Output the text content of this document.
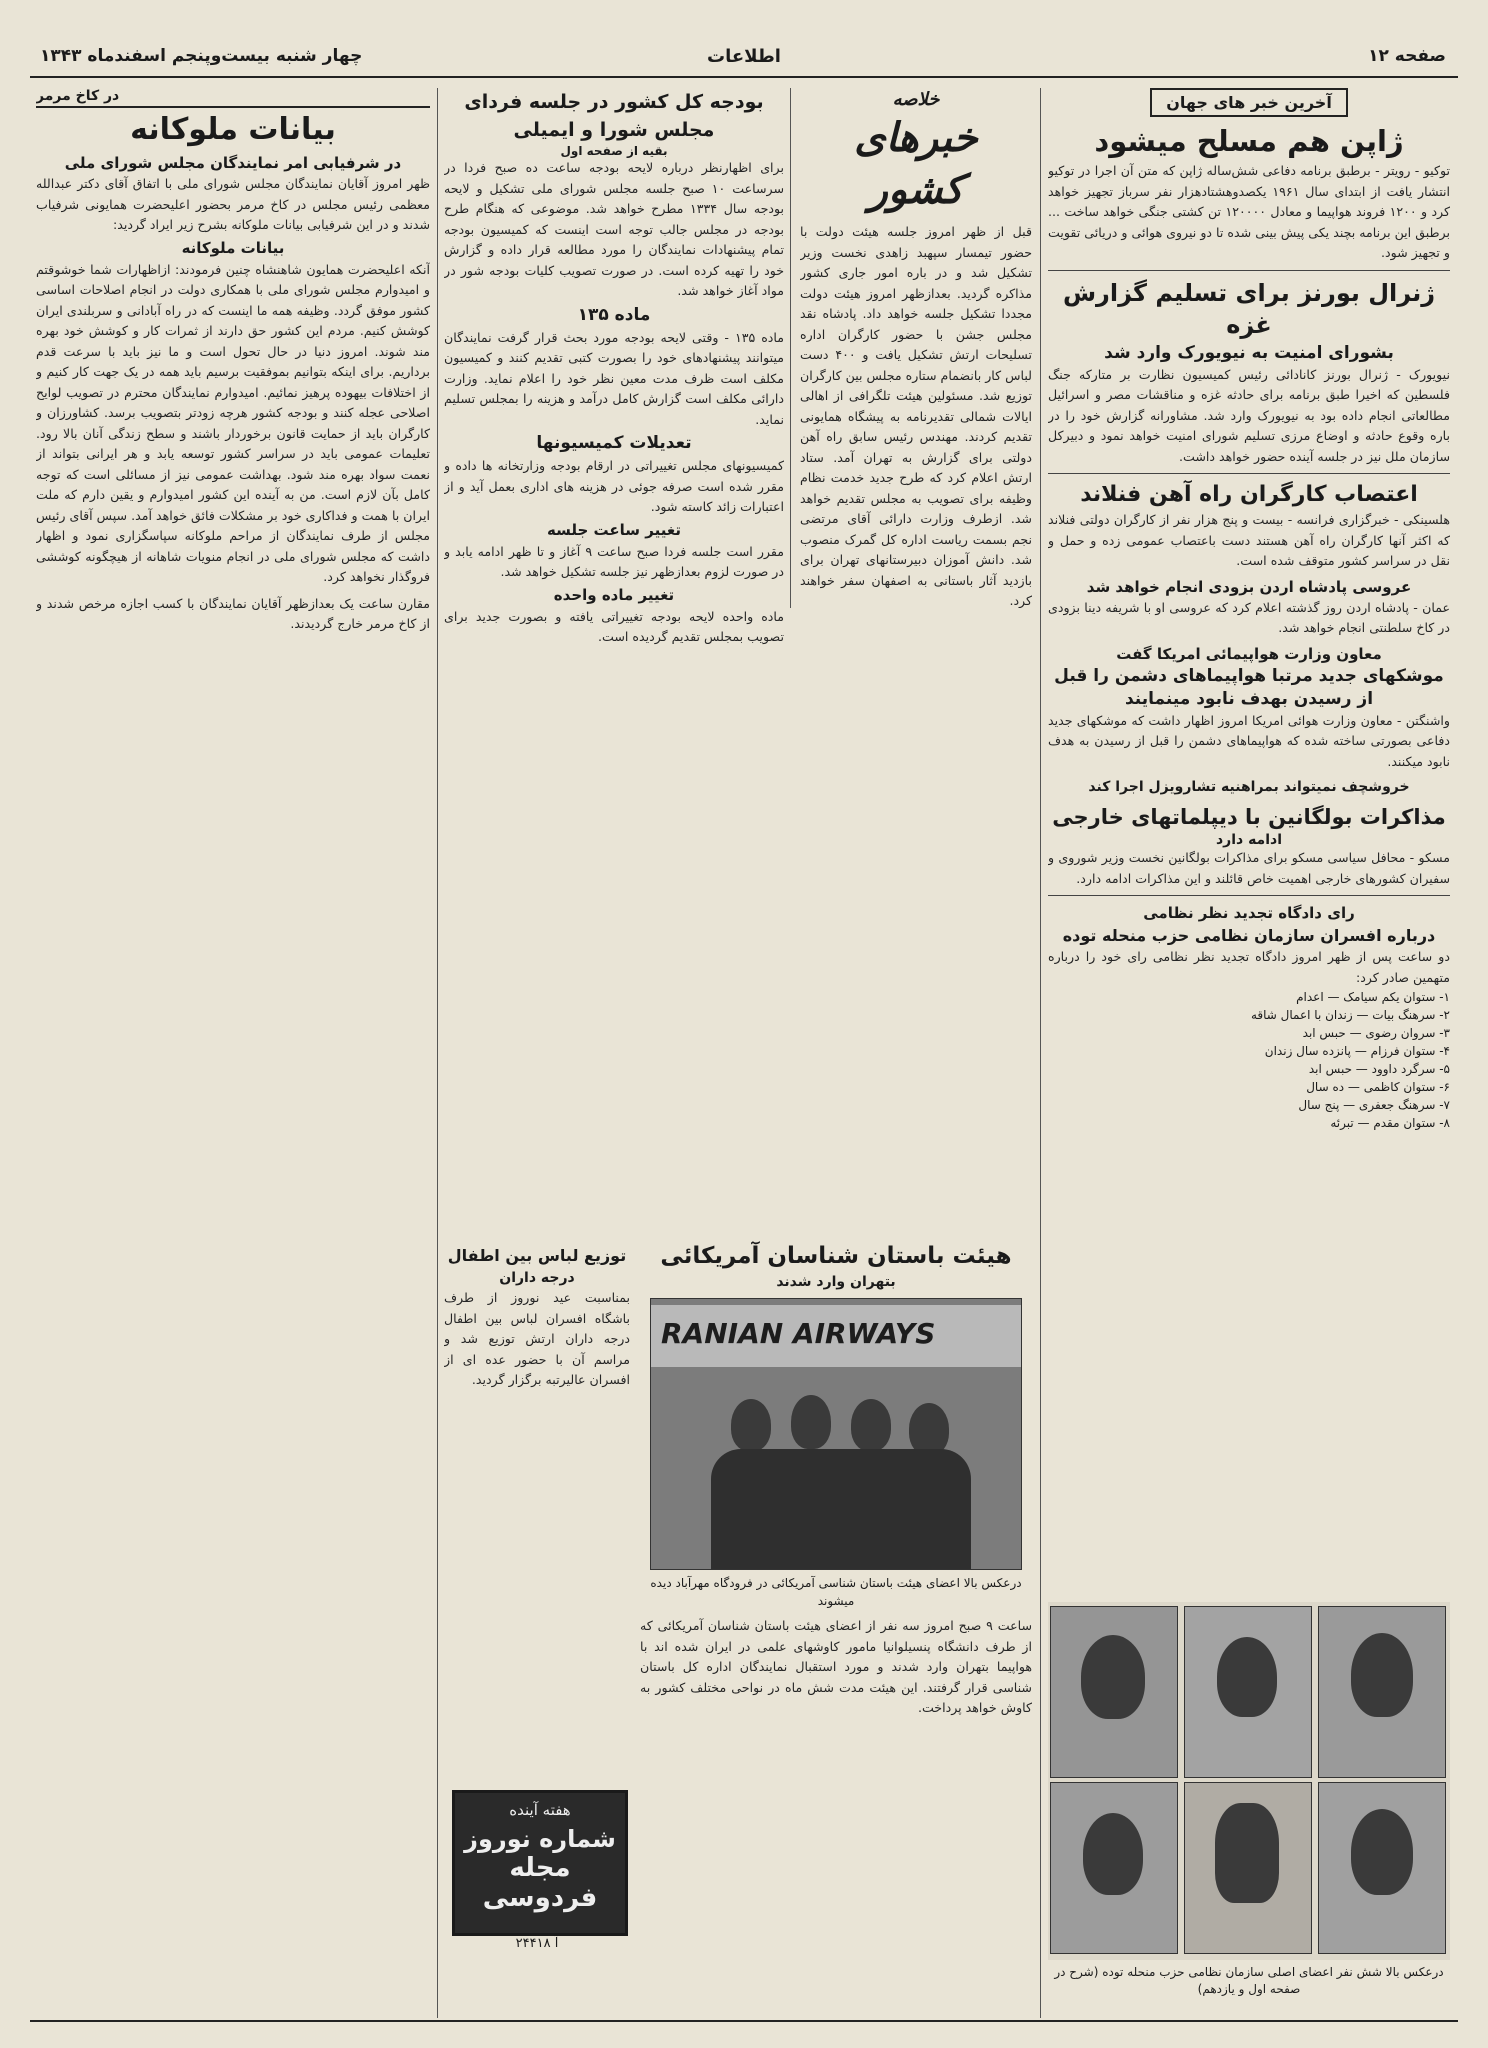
صفحه ۱۲
اطلاعات
چهار شنبه بیست‌وپنجم اسفندماه ۱۳۴۳
آخرین خبر های جهان
ژاپن هم مسلح میشود

توکیو - رویتر - برطبق برنامه دفاعی شش‌ساله ژاپن که متن آن اجرا در توکیو انتشار یافت از ابتدای سال ۱۹۶۱ یکصدوهشتادهزار نفر سرباز تجهیز خواهد کرد و ۱۲۰۰ فروند هواپیما و معادل ۱۲۰۰۰۰ تن کشتی جنگی خواهد ساخت ... برطبق این برنامه بچند یکی پیش بینی شده تا دو نیروی هوائی و دریائی تقویت و تجهیز شود.

ژنرال بورنز برای تسلیم گزارش غزه
بشورای امنیت به نیویورک وارد شد

نیویورک - ژنرال بورنز کانادائی رئیس کمیسیون نظارت بر متارکه جنگ فلسطین که اخیرا طبق برنامه برای حادثه غزه و مناقشات مصر و اسرائیل مطالعاتی انجام داده بود به نیویورک وارد شد. مشاورانه گزارش خود را در باره وقوع حادثه و اوضاع مرزی تسلیم شورای امنیت خواهد نمود و دبیرکل سازمان ملل نیز در جلسه آینده حضور خواهد داشت.

اعتصاب کارگران راه آهن فنلاند

هلسینکی - خبرگزاری فرانسه - بیست و پنج هزار نفر از کارگران دولتی فنلاند که اکثر آنها کارگران راه آهن هستند دست باعتصاب عمومی زده و حمل و نقل در سراسر کشور متوقف شده است.

عروسی پادشاه اردن بزودی انجام خواهد شد

عمان - پادشاه اردن روز گذشته اعلام کرد که عروسی او با شریفه دینا بزودی در کاخ سلطنتی انجام خواهد شد.

معاون وزارت هواپیمائی امریکا گفت
موشکهای جدید مرتبا هواپیماهای دشمن را قبل از رسیدن بهدف نابود مینمایند

واشنگتن - معاون وزارت هوائی امریکا امروز اظهار داشت که موشکهای جدید دفاعی بصورتی ساخته شده که هواپیماهای دشمن را قبل از رسیدن به هدف نابود میکنند.

خروشچف نمیتواند بمراهنیه تشارویزل اجرا کند
مذاکرات بولگانین با دیپلماتهای خارجی
ادامه دارد

مسکو - محافل سیاسی مسکو برای مذاکرات بولگانین نخست وزیر شوروی و سفیران کشورهای خارجی اهمیت خاص قائلند و این مذاکرات ادامه دارد.

رای دادگاه تجدید نظر نظامی
درباره افسران سازمان نظامی حزب منحله توده

دو ساعت پس از ظهر امروز دادگاه تجدید نظر نظامی رای خود را درباره متهمین صادر کرد:

۱- ستوان یکم سیامک — اعدام
۲- سرهنگ بیات — زندان با اعمال شاقه
۳- سروان رضوی — حبس ابد
۴- ستوان فرزام — پانزده سال زندان
۵- سرگرد داوود — حبس ابد
۶- ستوان کاظمی — ده سال
۷- سرهنگ جعفری — پنج سال
۸- ستوان مقدم — تبرئه
درعکس بالا شش نفر اعضای اصلی سازمان نظامی حزب منحله توده (شرح در صفحه اول و یازدهم)
خلاصه
خبرهای کشور

قبل از ظهر امروز جلسه هیئت دولت با حضور تیمسار سپهبد زاهدی نخست وزیر تشکیل شد و در باره امور جاری کشور مذاکره گردید. بعدازظهر امروز هیئت دولت مجددا تشکیل جلسه خواهد داد. پادشاه نقد مجلس جشن با حضور کارگران اداره تسلیحات ارتش تشکیل یافت و ۴۰۰ دست لباس کار بانضمام ستاره مجلس بین کارگران توزیع شد. مسئولین هیئت تلگرافی از اهالی ایالات شمالی تقدیرنامه به پیشگاه همایونی تقدیم کردند. مهندس رئیس سابق راه آهن دولتی برای گزارش به تهران آمد. ستاد ارتش اعلام کرد که طرح جدید خدمت نظام وظیفه برای تصویب به مجلس تقدیم خواهد شد. ازطرف وزارت دارائی آقای مرتضی نجم بسمت ریاست اداره کل گمرک منصوب شد. دانش آموزان دبیرستانهای تهران برای بازدید آثار باستانی به اصفهان سفر خواهند کرد.

هیئت باستان شناسان آمریکائی
بتهران وارد شدند
RANIAN AIRWAYS
درعکس بالا اعضای هیئت باستان شناسی آمریکائی در فرودگاه مهرآباد دیده میشوند

ساعت ۹ صبح امروز سه نفر از اعضای هیئت باستان شناسان آمریکائی که از طرف دانشگاه پنسیلوانیا مامور کاوشهای علمی در ایران شده اند با هواپیما بتهران وارد شدند و مورد استقبال نمایندگان اداره کل باستان شناسی قرار گرفتند. این هیئت مدت شش ماه در نواحی مختلف کشور به کاوش خواهد پرداخت.

بودجه کل کشور در جلسه فردای مجلس شورا و ایمیلی
بقیه از صفحه اول

برای اظهارنظر درباره لایحه بودجه ساعت ده صبح فردا در سرساعت ۱۰ صبح جلسه مجلس شورای ملی تشکیل و لایحه بودجه سال ۱۳۳۴ مطرح خواهد شد. موضوعی که هنگام طرح بودجه در مجلس جالب توجه است اینست که کمیسیون بودجه تمام پیشنهادات نمایندگان را مورد مطالعه قرار داده و گزارش خود را تهیه کرده است. در صورت تصویب کلیات بودجه شور در مواد آغاز خواهد شد.

ماده ۱۳۵

ماده ۱۳۵ - وقتی لایحه بودجه مورد بحث قرار گرفت نمایندگان میتوانند پیشنهادهای خود را بصورت کتبی تقدیم کنند و کمیسیون مکلف است ظرف مدت معین نظر خود را اعلام نماید. وزارت دارائی مکلف است گزارش کامل درآمد و هزینه را بمجلس تسلیم نماید.

تعدیلات کمیسیونها

کمیسیونهای مجلس تغییراتی در ارقام بودجه وزارتخانه ها داده و مقرر شده است صرفه جوئی در هزینه های اداری بعمل آید و از اعتبارات زائد کاسته شود.

تغییر ساعت جلسه

مقرر است جلسه فردا صبح ساعت ۹ آغاز و تا ظهر ادامه یابد و در صورت لزوم بعدازظهر نیز جلسه تشکیل خواهد شد.

تغییر ماده واحده

ماده واحده لایحه بودجه تغییراتی یافته و بصورت جدید برای تصویب بمجلس تقدیم گردیده است.

توزیع لباس بین اطفال
درجه داران

بمناسبت عید نوروز از طرف باشگاه افسران لباس بین اطفال درجه داران ارتش توزیع شد و مراسم آن با حضور عده ای از افسران عالیرتبه برگزار گردید.

هفته آینده
شماره نوروز
مجله فردوسی
آ ۲۴۴۱۸
در کاخ مرمر
بیانات ملوکانه
در شرفیابی امر نمایندگان مجلس شورای ملی

ظهر امروز آقایان نمایندگان مجلس شورای ملی با اتفاق آقای دکتر عبدالله معظمی رئیس مجلس در کاخ مرمر بحضور اعلیحضرت همایونی شرفیاب شدند و در این شرفیابی بیانات ملوکانه بشرح زیر ایراد گردید:

بیانات ملوکانه

آنکه اعلیحضرت همایون شاهنشاه چنین فرمودند: ازاظهارات شما خوشوقتم و امیدوارم مجلس شورای ملی با همکاری دولت در انجام اصلاحات اساسی کشور موفق گردد. وظیفه همه ما اینست که در راه آبادانی و سربلندی ایران کوشش کنیم. مردم این کشور حق دارند از ثمرات کار و کوشش خود بهره مند شوند. امروز دنیا در حال تحول است و ما نیز باید با سرعت قدم برداریم. برای اینکه بتوانیم بموفقیت برسیم باید همه در یک جهت کار کنیم و از اختلافات بیهوده پرهیز نمائیم. امیدوارم نمایندگان محترم در تصویب لوایح اصلاحی عجله کنند و بودجه کشور هرچه زودتر بتصویب برسد. کشاورزان و کارگران باید از حمایت قانون برخوردار باشند و سطح زندگی آنان بالا رود. تعلیمات عمومی باید در سراسر کشور توسعه یابد و هر ایرانی بتواند از نعمت سواد بهره مند شود. بهداشت عمومی نیز از مسائلی است که توجه کامل بآن لازم است. من به آینده این کشور امیدوارم و یقین دارم که ملت ایران با همت و فداکاری خود بر مشکلات فائق خواهد آمد. سپس آقای رئیس مجلس از طرف نمایندگان از مراحم ملوکانه سپاسگزاری نمود و اظهار داشت که مجلس شورای ملی در انجام منویات شاهانه از هیچگونه کوششی فروگذار نخواهد کرد.

مقارن ساعت یک بعدازظهر آقایان نمایندگان با کسب اجازه مرخص شدند و از کاخ مرمر خارج گردیدند.
